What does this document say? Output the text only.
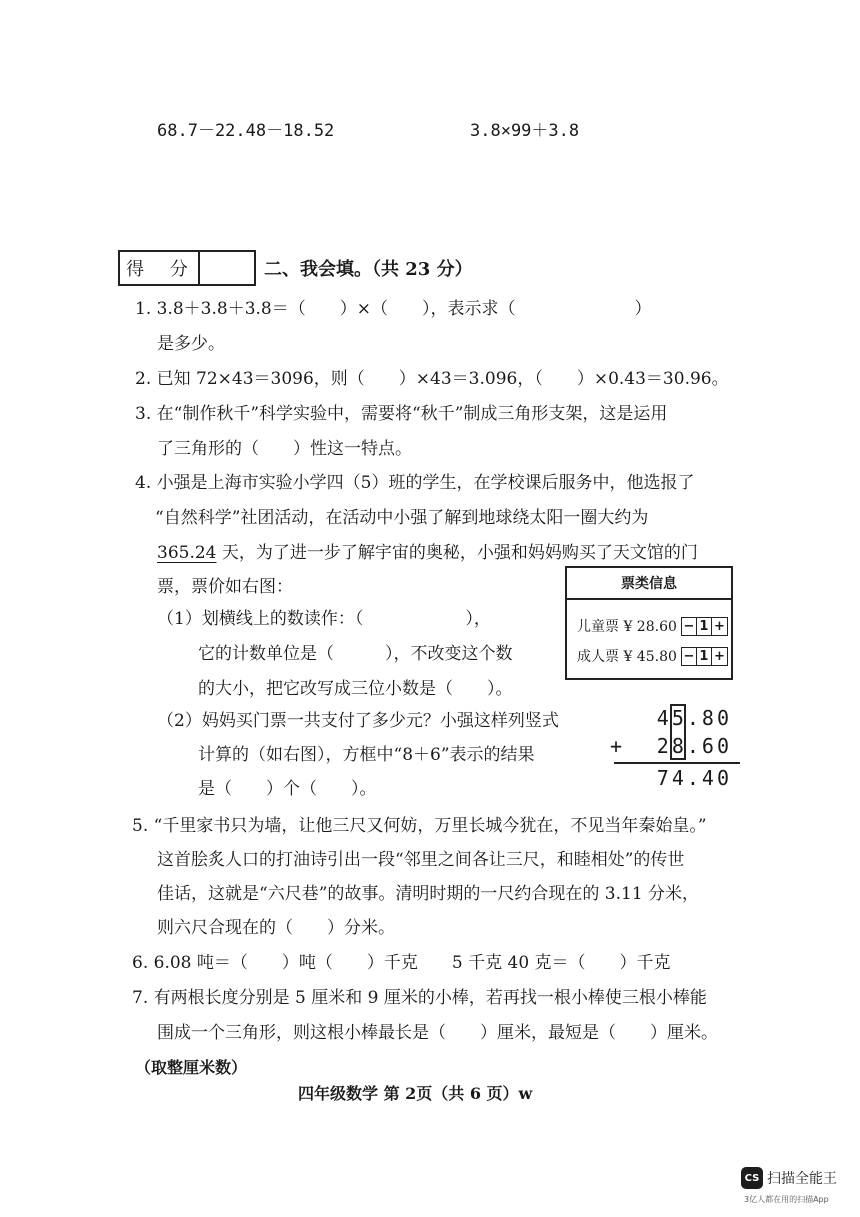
68.7－22.48－18.52	3.8×99＋3.8
得 分	二、我会填。（共 23 分）
1. 3.8＋3.8＋3.8＝（　　）×（　　），表示求（　　　　　　　）
是多少。
2. 已知 72×43＝3096，则（　　）×43＝3.096，（　　）×0.43＝30.96。
3. 在“制作秋千”科学实验中，需要将“秋千”制成三角形支架，这是运用
了三角形的（　　）性这一特点。
4. 小强是上海市实验小学四（5）班的学生，在学校课后服务中，他选报了
“自然科学”社团活动，在活动中小强了解到地球绕太阳一圈大约为
365.24 天，为了进一步了解宇宙的奥秘，小强和妈妈购买了天文馆的门
票，票价如右图：
（1）划横线上的数读作：（　　　　　　），
它的计数单位是（　　　），不改变这个数
的大小，把它改写成三位小数是（　　）。
票类信息
儿童票 ¥ 28.60 − 1 +
成人票 ¥ 45.80 − 1 +
（2）妈妈买门票一共支付了多少元？小强这样列竖式
计算的（如右图），方框中“8＋6”表示的结果
是（　　）个（　　）。
45.80
+ 28.60
74.40
5. “千里家书只为墙，让他三尺又何妨，万里长城今犹在，不见当年秦始皇。”
这首脍炙人口的打油诗引出一段“邻里之间各让三尺，和睦相处”的传世
佳话，这就是“六尺巷”的故事。清明时期的一尺约合现在的 3.11 分米，
则六尺合现在的（　　）分米。
6. 6.08 吨＝（　　）吨（　　）千克　　5 千克 40 克＝（　　）千克
7. 有两根长度分别是 5 厘米和 9 厘米的小棒，若再找一根小棒使三根小棒能
围成一个三角形，则这根小棒最长是（　　）厘米，最短是（　　）厘米。
（取整厘米数）
四年级数学 第 2页（共 6 页）w
CS 扫描全能王
3亿人都在用的扫描App
